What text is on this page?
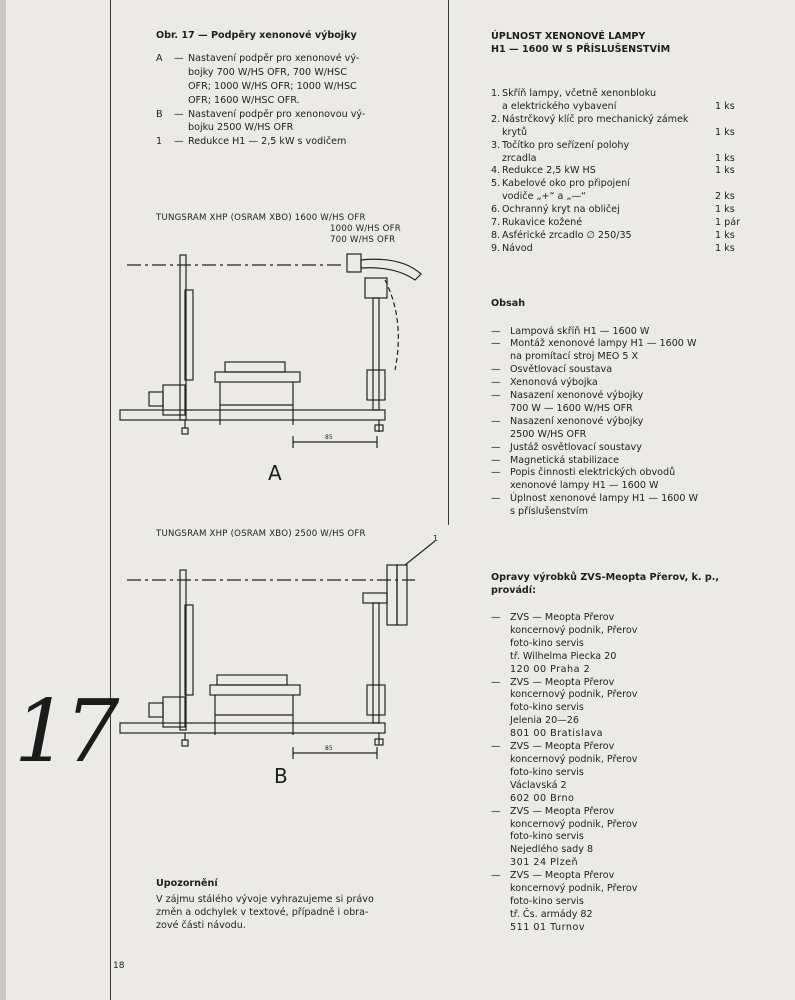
17
18
Obr. 17 — Podpěry xenonové výbojky
A	— Nastavení podpěr pro xenonové vý-
bojky 700 W/HS OFR, 700 W/HSC
OFR; 1000 W/HS OFR; 1000 W/HSC
OFR; 1600 W/HSC OFR.
B	— Nastavení podpěr pro xenonovou vý-
bojku 2500 W/HS OFR
1	— Redukce H1 — 2,5 kW s vodičem
TUNGSRAM XHP (OSRAM XBO) 1600 W/HS OFR
1000 W/HS OFR
700 W/HS OFR
85
A
TUNGSRAM XHP (OSRAM XBO) 2500 W/HS OFR
85
1
B
Upozornění
V zájmu stálého vývoje vyhrazujeme si právo
změn a odchylek v textové, případně i obra-
zové části návodu.
ÚPLNOST XENONOVÉ LAMPY
H1 — 1600 W S PŘÍSLUŠENSTVÍM
1. Skříň lampy, včetně xenonbloku
a elektrického vybavení	1 ks
2. Nástrčkový klíč pro mechanický zámek
krytů	1 ks
3. Točítko pro seřízení polohy
zrcadla	1 ks
4. Redukce 2,5 kW HS	1 ks
5. Kabelové oko pro připojení
vodiče „+“ a „—“	2 ks
6. Ochranný kryt na obličej	1 ks
7. Rukavice kožené	1 pár
8. Asférické zrcadlo ∅ 250/35	1 ks
9. Návod	1 ks
Obsah
— Lampová skříň H1 — 1600 W
— Montáž xenonové lampy H1 — 1600 W
na promítací stroj MEO 5 X
— Osvětlovací soustava
— Xenonová výbojka
— Nasazení xenonové výbojky
700 W — 1600 W/HS OFR
— Nasazení xenonové výbojky
2500 W/HS OFR
— Justáž osvětlovací soustavy
— Magnetická stabilizace
— Popis činnosti elektrických obvodů
xenonové lampy H1 — 1600 W
— Úplnost xenonové lampy H1 — 1600 W
s příslušenstvím
Opravy výrobků ZVS-Meopta Přerov, k. p.,
provádí:
— ZVS — Meopta Přerov
koncernový podnik, Přerov
foto-kino servis
tř. Wilhelma Piecka 20
120 00 Praha 2
— ZVS — Meopta Přerov
koncernový podnik, Přerov
foto-kino servis
Jelenia 20—26
801 00 Bratislava
— ZVS — Meopta Přerov
koncernový podnik, Přerov
foto-kino servis
Václavská 2
602 00 Brno
— ZVS — Meopta Přerov
koncernový podnik, Přerov
foto-kino servis
Nejedlého sady 8
301 24 Plzeň
— ZVS — Meopta Přerov
koncernový podnik, Přerov
foto-kino servis
tř. Čs. armády 82
511 01 Turnov
